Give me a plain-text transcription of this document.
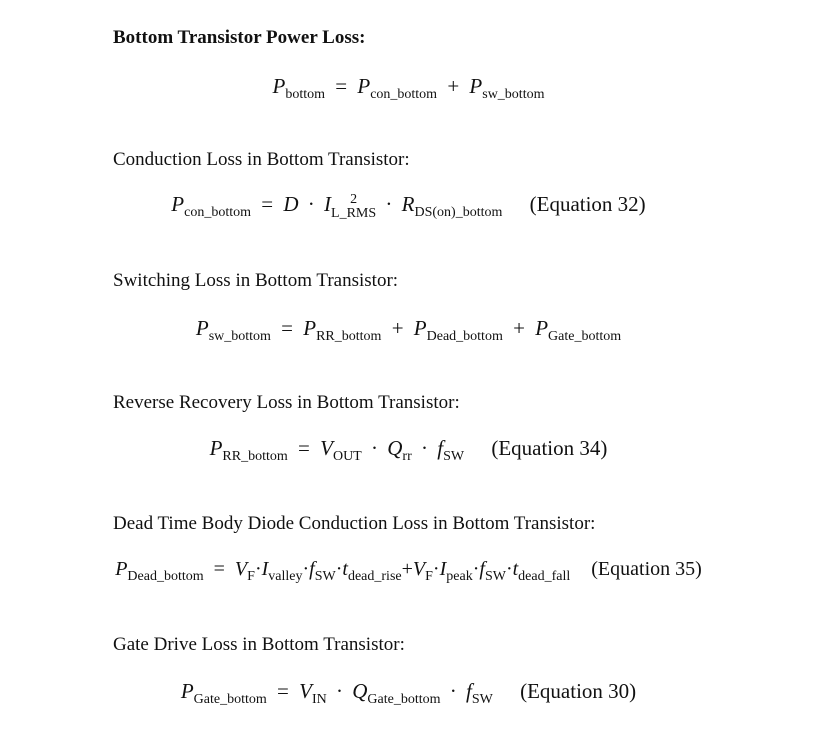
Bottom Transistor Power Loss:
$P_{bottom} = P_{con\_bottom} + P_{sw\_bottom}$
Conduction Loss in Bottom Transistor:
$P_{con\_bottom} = D \cdot I$	2
L_RMS · $R_{DS(on)\_bottom}$ (Equation 32)
Switching Loss in Bottom Transistor:
$P_{sw\_bottom} = P_{RR\_bottom} + P_{Dead\_bottom} + P_{Gate\_bottom}$
Reverse Recovery Loss in Bottom Transistor:
$P_{RR\_bottom} = V_{OUT} \cdot Q_{rr} \cdot f_{SW}$ (Equation 34)
Dead Time Body Diode Conduction Loss in Bottom Transistor:
$P_{Dead\_bottom} = V_F\cdot I_{valley}\cdot f_{SW}\cdot t_{dead\_rise}+V_F\cdot I_{peak}\cdot f_{SW}\cdot t_{dead\_fall}$ (Equation 35)
Gate Drive Loss in Bottom Transistor:
$P_{Gate\_bottom} = V_{IN} \cdot Q_{Gate\_bottom} \cdot f_{SW}$ (Equation 30)
